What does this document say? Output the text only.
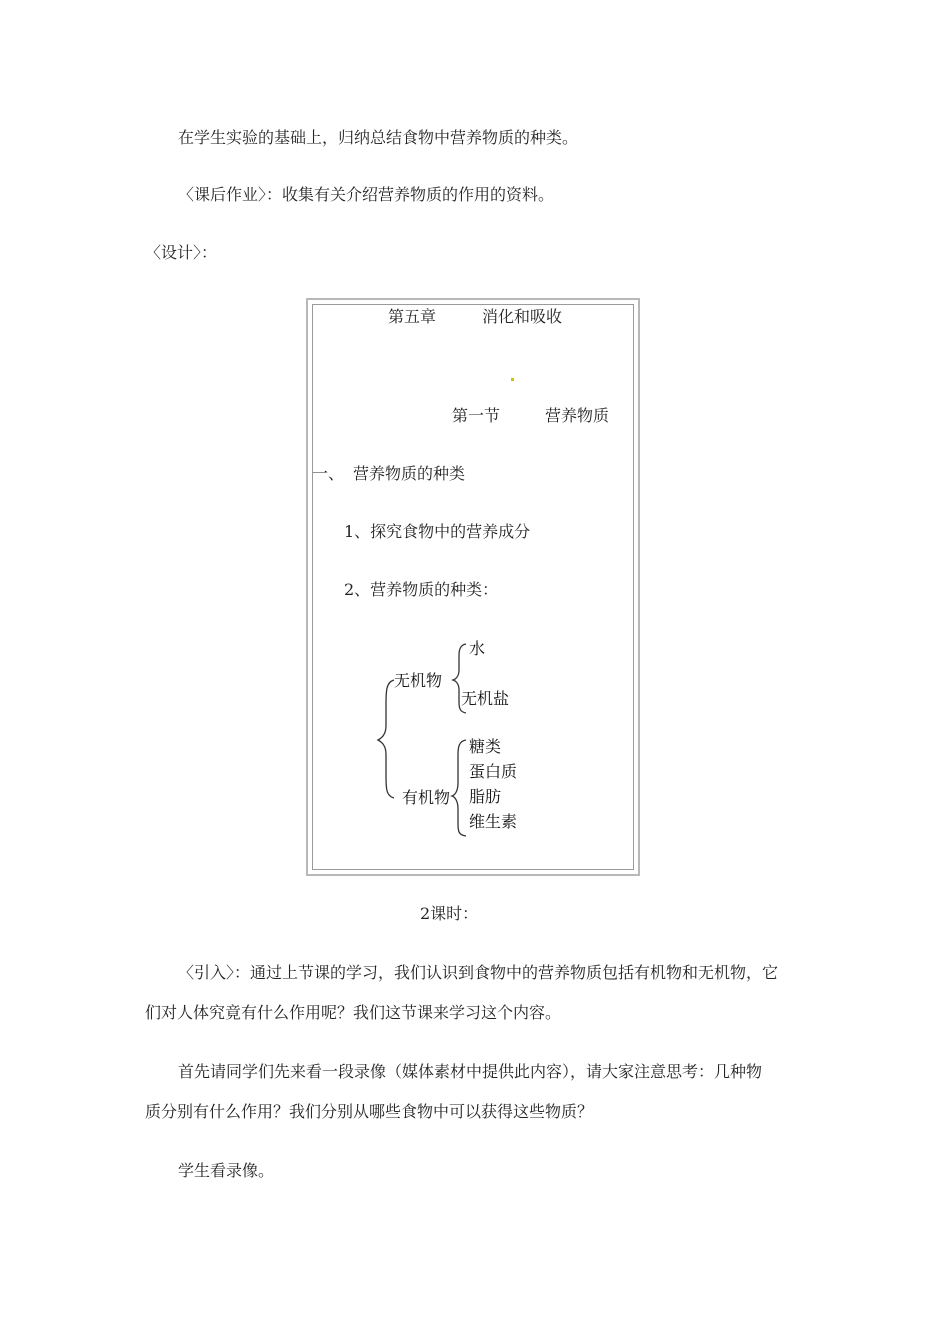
在学生实验的基础上，归纳总结食物中营养物质的种类。
〈课后作业〉：收集有关介绍营养物质的作用的资料。
〈设计〉：
第五章	消化和吸收
第一节	营养物质
一、 营养物质的种类
1、探究食物中的营养成分
2、营养物质的种类：
无机物
水
无机盐
有机物
糖类
蛋白质
脂肪
维生素
2课时：
〈引入〉：通过上节课的学习，我们认识到食物中的营养物质包括有机物和无机物，它
们对人体究竟有什么作用呢？我们这节课来学习这个内容。
首先请同学们先来看一段录像（媒体素材中提供此内容），请大家注意思考：几种物
质分别有什么作用？我们分别从哪些食物中可以获得这些物质？
学生看录像。
